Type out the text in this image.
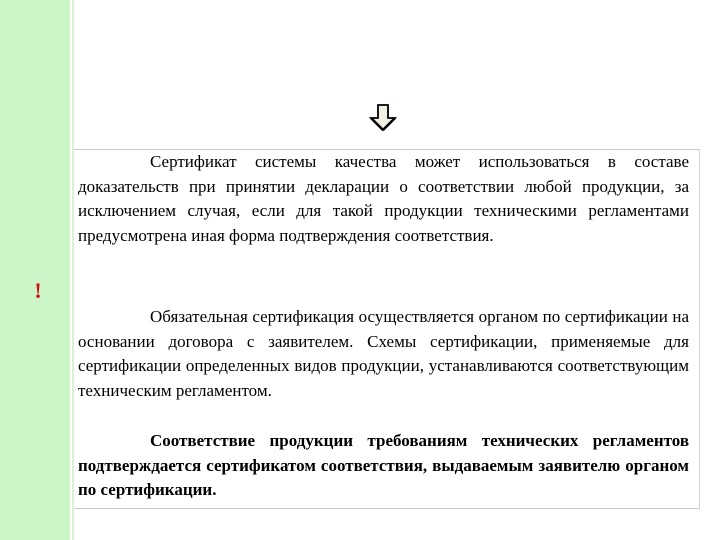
!

Сертификат системы качества может использоваться в составе доказательств при принятии декларации о соответствии любой продукции, за исключением случая, если для такой продукции техническими регламентами предусмотрена иная форма подтверждения соответствия.

Обязательная сертификация осуществляется органом по сертификации на основании договора с заявителем. Схемы сертификации, применяемые для сертификации определенных видов продукции, устанавливаются соответствующим техническим регламентом.

Соответствие продукции требованиям технических регламентов подтверждается сертификатом соответствия, выдаваемым заявителю органом по сертификации.
